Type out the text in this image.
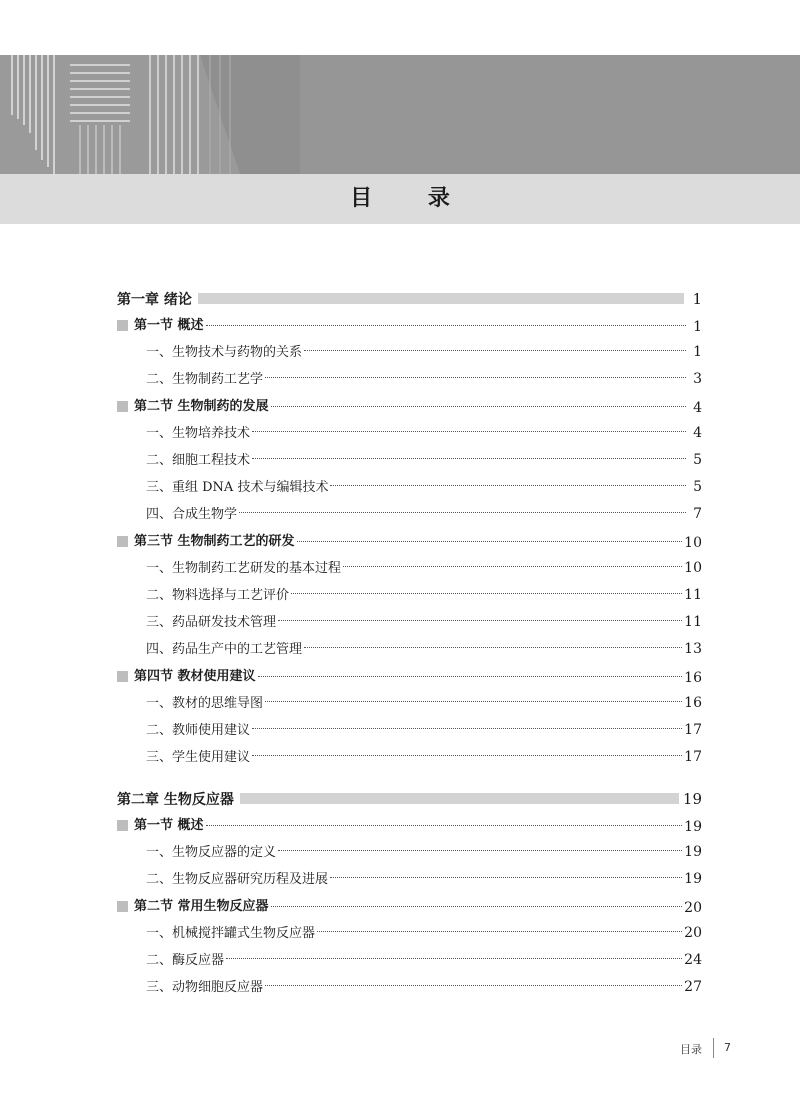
目 录
第一章 绪论	1
第一节 概述	1
一、生物技术与药物的关系	1
二、生物制药工艺学	3
第二节 生物制药的发展	4
一、生物培养技术	4
二、细胞工程技术	5
三、重组 DNA 技术与编辑技术	5
四、合成生物学	7
第三节 生物制药工艺的研发	10
一、生物制药工艺研发的基本过程	10
二、物料选择与工艺评价	11
三、药品研发技术管理	11
四、药品生产中的工艺管理	13
第四节 教材使用建议	16
一、教材的思维导图	16
二、教师使用建议	17
三、学生使用建议	17
第二章 生物反应器	19
第一节 概述	19
一、生物反应器的定义	19
二、生物反应器研究历程及进展	19
第二节 常用生物反应器	20
一、机械搅拌罐式生物反应器	20
二、酶反应器	24
三、动物细胞反应器	27
目录 7
